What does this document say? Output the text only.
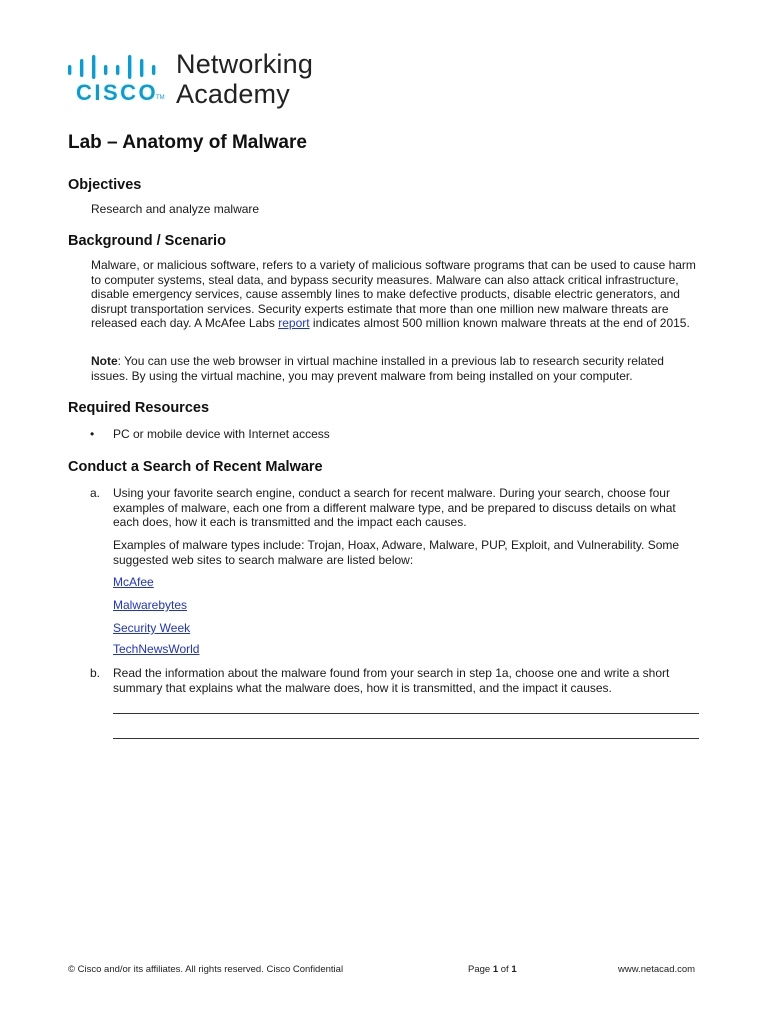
CISCO
TM
Networking
Academy
Lab – Anatomy of Malware
Objectives

Research and analyze malware

Background / Scenario

Malware, or malicious software, refers to a variety of malicious software programs that can be used to cause harm to computer systems, steal data, and bypass security measures. Malware can also attack critical infrastructure, disable emergency services, cause assembly lines to make defective products, disable electric generators, and disrupt transportation services. Security experts estimate that more than one million new malware threats are released each day. A McAfee Labs report indicates almost 500 million known malware threats at the end of 2015.

Note: You can use the web browser in virtual machine installed in a previous lab to research security related issues. By using the virtual machine, you may prevent malware from being installed on your computer.

Required Resources
• PC or mobile device with Internet access

Conduct a Search of Recent Malware
a. Using your favorite search engine, conduct a search for recent malware. During your search, choose four examples of malware, each one from a different malware type, and be prepared to discuss details on what each does, how it each is transmitted and the impact each causes.

Examples of malware types include: Trojan, Hoax, Adware, Malware, PUP, Exploit, and Vulnerability. Some suggested web sites to search malware are listed below:

McAfee

Malwarebytes

Security Week

TechNewsWorld

b. Read the information about the malware found from your search in step 1a, choose one and write a short summary that explains what the malware does, how it is transmitted, and the impact it causes.

© Cisco and/or its affiliates. All rights reserved. Cisco Confidential	Page 1 of 1	www.netacad.com
